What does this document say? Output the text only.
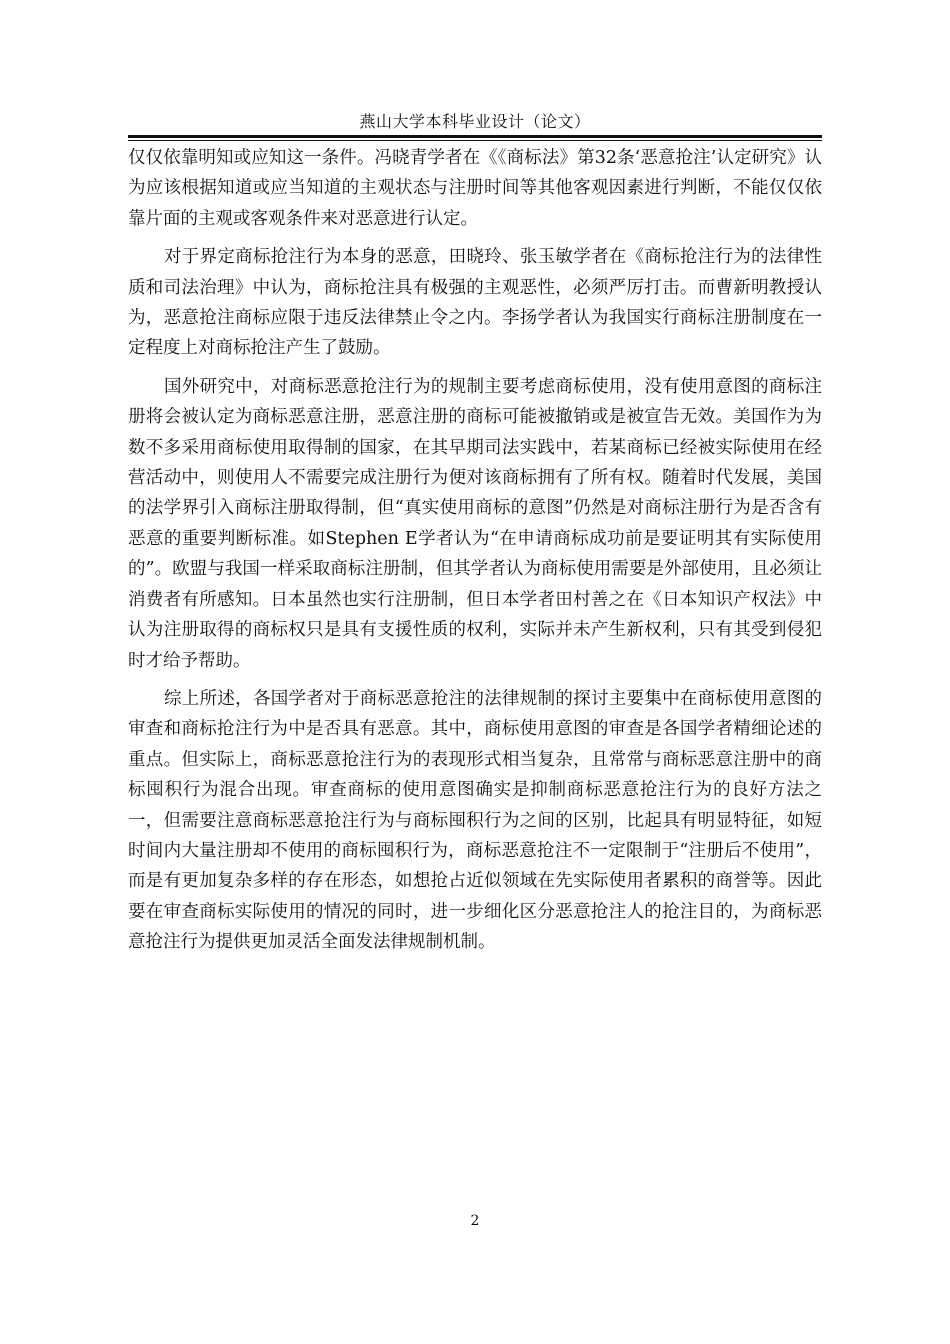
燕山大学本科毕业设计（论文）

仅仅依靠明知或应知这一条件。冯晓青学者在《《商标法》第32条‘恶意抢注’认定研究》认为应该根据知道或应当知道的主观状态与注册时间等其他客观因素进行判断，不能仅仅依靠片面的主观或客观条件来对恶意进行认定。

对于界定商标抢注行为本身的恶意，田晓玲、张玉敏学者在《商标抢注行为的法律性质和司法治理》中认为，商标抢注具有极强的主观恶性，必须严厉打击。而曹新明教授认为，恶意抢注商标应限于违反法律禁止令之内。李扬学者认为我国实行商标注册制度在一定程度上对商标抢注产生了鼓励。

国外研究中，对商标恶意抢注行为的规制主要考虑商标使用，没有使用意图的商标注册将会被认定为商标恶意注册，恶意注册的商标可能被撤销或是被宣告无效。美国作为为数不多采用商标使用取得制的国家，在其早期司法实践中，若某商标已经被实际使用在经营活动中，则使用人不需要完成注册行为便对该商标拥有了所有权。随着时代发展，美国的法学界引入商标注册取得制，但“真实使用商标的意图”仍然是对商标注册行为是否含有恶意的重要判断标准。如Stephen E学者认为“在申请商标成功前是要证明其有实际使用的”。欧盟与我国一样采取商标注册制，但其学者认为商标使用需要是外部使用，且必须让消费者有所感知。日本虽然也实行注册制，但日本学者田村善之在《日本知识产权法》中认为注册取得的商标权只是具有支援性质的权利，实际并未产生新权利，只有其受到侵犯时才给予帮助。

综上所述，各国学者对于商标恶意抢注的法律规制的探讨主要集中在商标使用意图的审查和商标抢注行为中是否具有恶意。其中，商标使用意图的审查是各国学者精细论述的重点。但实际上，商标恶意抢注行为的表现形式相当复杂，且常常与商标恶意注册中的商标囤积行为混合出现。审查商标的使用意图确实是抑制商标恶意抢注行为的良好方法之一，但需要注意商标恶意抢注行为与商标囤积行为之间的区别，比起具有明显特征，如短时间内大量注册却不使用的商标囤积行为，商标恶意抢注不一定限制于“注册后不使用”，而是有更加复杂多样的存在形态，如想抢占近似领域在先实际使用者累积的商誉等。因此要在审查商标实际使用的情况的同时，进一步细化区分恶意抢注人的抢注目的，为商标恶意抢注行为提供更加灵活全面发法律规制机制。

2
